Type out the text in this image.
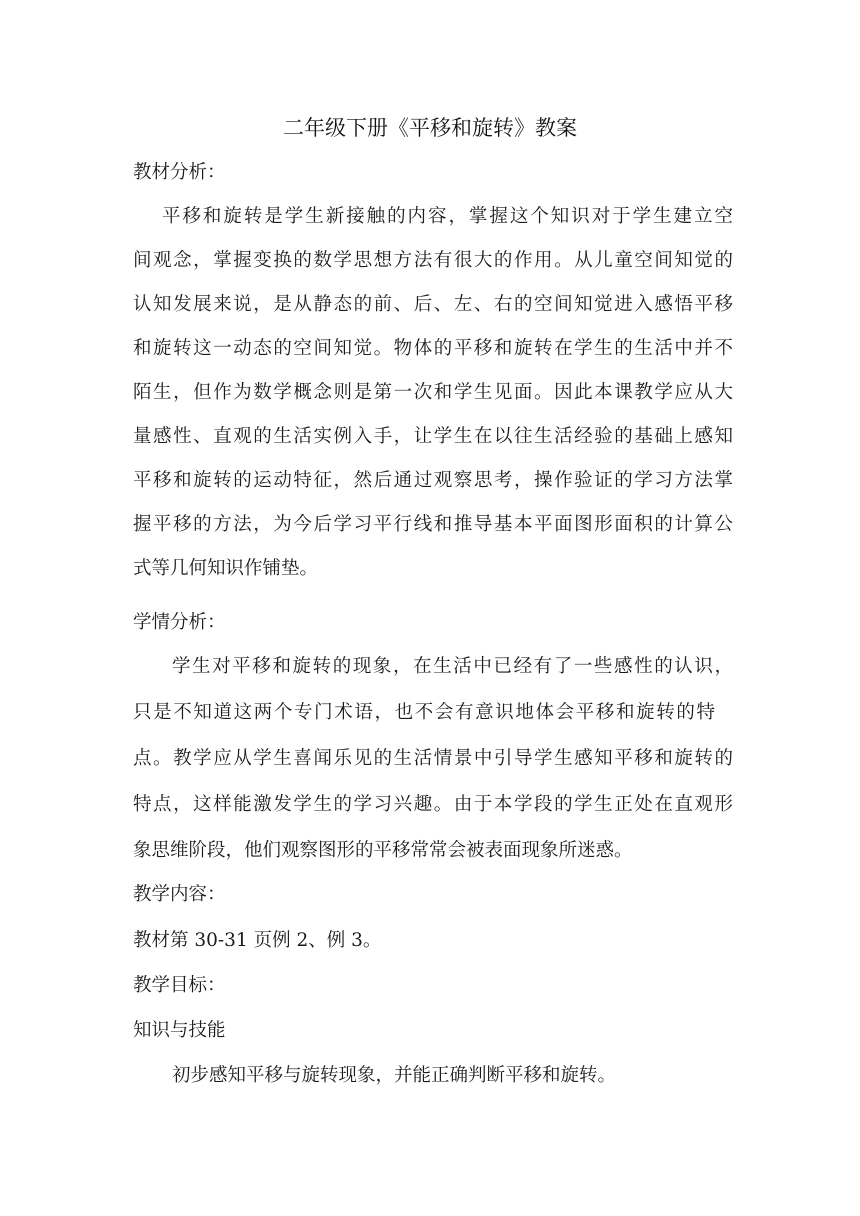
二年级下册《平移和旋转》教案
教材分析：
平移和旋转是学生新接触的内容，掌握这个知识对于学生建立空
间观念，掌握变换的数学思想方法有很大的作用。从儿童空间知觉的
认知发展来说，是从静态的前、后、左、右的空间知觉进入感悟平移
和旋转这一动态的空间知觉。物体的平移和旋转在学生的生活中并不
陌生，但作为数学概念则是第一次和学生见面。因此本课教学应从大
量感性、直观的生活实例入手，让学生在以往生活经验的基础上感知
平移和旋转的运动特征，然后通过观察思考，操作验证的学习方法掌
握平移的方法，为今后学习平行线和推导基本平面图形面积的计算公
式等几何知识作铺垫。
学情分析：
学生对平移和旋转的现象，在生活中已经有了一些感性的认识，
只是不知道这两个专门术语，也不会有意识地体会平移和旋转的特
点。教学应从学生喜闻乐见的生活情景中引导学生感知平移和旋转的
特点，这样能激发学生的学习兴趣。由于本学段的学生正处在直观形
象思维阶段，他们观察图形的平移常常会被表面现象所迷惑。
教学内容：
教材第 30-31 页例 2、例 3。
教学目标：
知识与技能
初步感知平移与旋转现象，并能正确判断平移和旋转。
